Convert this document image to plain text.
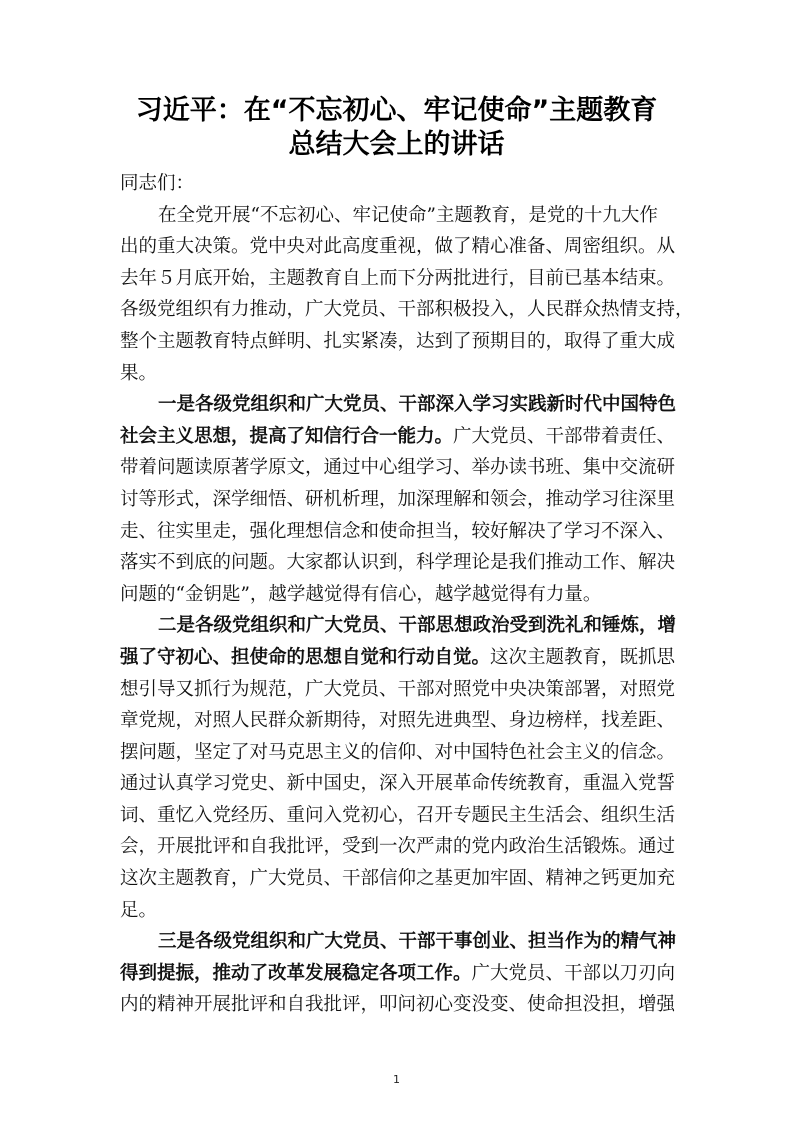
习近平：在“不忘初心、牢记使命”主题教育
总结大会上的讲话

同志们：

在全党开展“不忘初心、牢记使命”主题教育，是党的十九大作
出的重大决策。党中央对此高度重视，做了精心准备、周密组织。从
去年５月底开始，主题教育自上而下分两批进行，目前已基本结束。
各级党组织有力推动，广大党员、干部积极投入，人民群众热情支持，
整个主题教育特点鲜明、扎实紧凑，达到了预期目的，取得了重大成
果。

一是各级党组织和广大党员、干部深入学习实践新时代中国特色
社会主义思想，提高了知信行合一能力。广大党员、干部带着责任、
带着问题读原著学原文，通过中心组学习、举办读书班、集中交流研
讨等形式，深学细悟、研机析理，加深理解和领会，推动学习往深里
走、往实里走，强化理想信念和使命担当，较好解决了学习不深入、
落实不到底的问题。大家都认识到，科学理论是我们推动工作、解决
问题的“金钥匙”，越学越觉得有信心，越学越觉得有力量。

二是各级党组织和广大党员、干部思想政治受到洗礼和锤炼，增
强了守初心、担使命的思想自觉和行动自觉。这次主题教育，既抓思
想引导又抓行为规范，广大党员、干部对照党中央决策部署，对照党
章党规，对照人民群众新期待，对照先进典型、身边榜样，找差距、
摆问题，坚定了对马克思主义的信仰、对中国特色社会主义的信念。
通过认真学习党史、新中国史，深入开展革命传统教育，重温入党誓
词、重忆入党经历、重问入党初心，召开专题民主生活会、组织生活
会，开展批评和自我批评，受到一次严肃的党内政治生活锻炼。通过
这次主题教育，广大党员、干部信仰之基更加牢固、精神之钙更加充
足。

三是各级党组织和广大党员、干部干事创业、担当作为的精气神
得到提振，推动了改革发展稳定各项工作。广大党员、干部以刀刃向
内的精神开展批评和自我批评，叩问初心变没变、使命担没担，增强

1
